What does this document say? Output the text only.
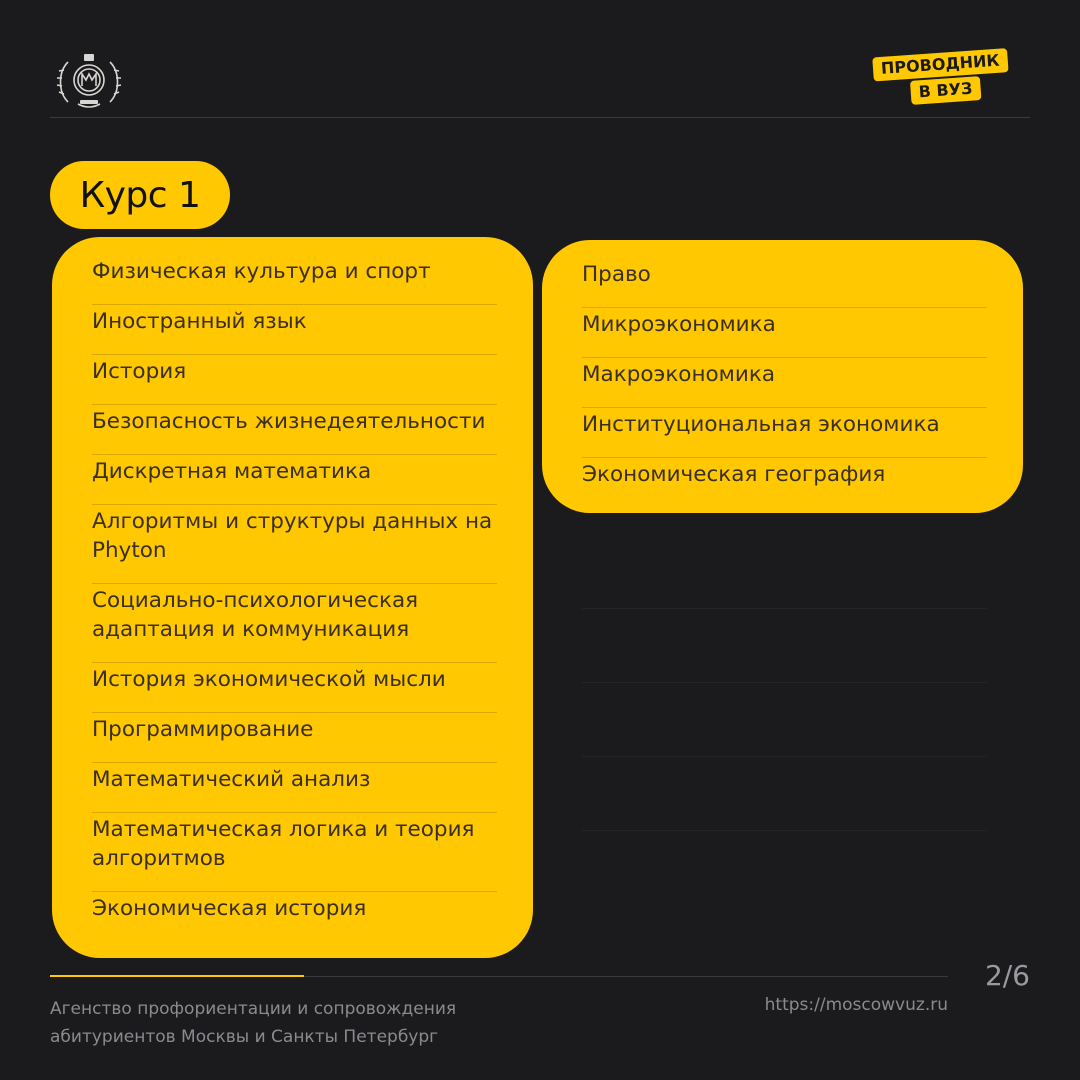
ПРОВОДНИК
В ВУЗ
Курс 1
Физическая культура и спорт
Иностранный язык
История
Безопасность жизнедеятельности
Дискретная математика
Алгоритмы и структуры данных на Phyton
Социально-психологическая адаптация и коммуникация
История экономической мысли
Программирование
Математический анализ
Математическая логика и теория алгоритмов
Экономическая история
Право
Микроэкономика
Макроэкономика
Институциональная экономика
Экономическая география
Агенство профориентации и сопровождения абитуриентов Москвы и Санкты Петербург
https://moscowvuz.ru
2/6
